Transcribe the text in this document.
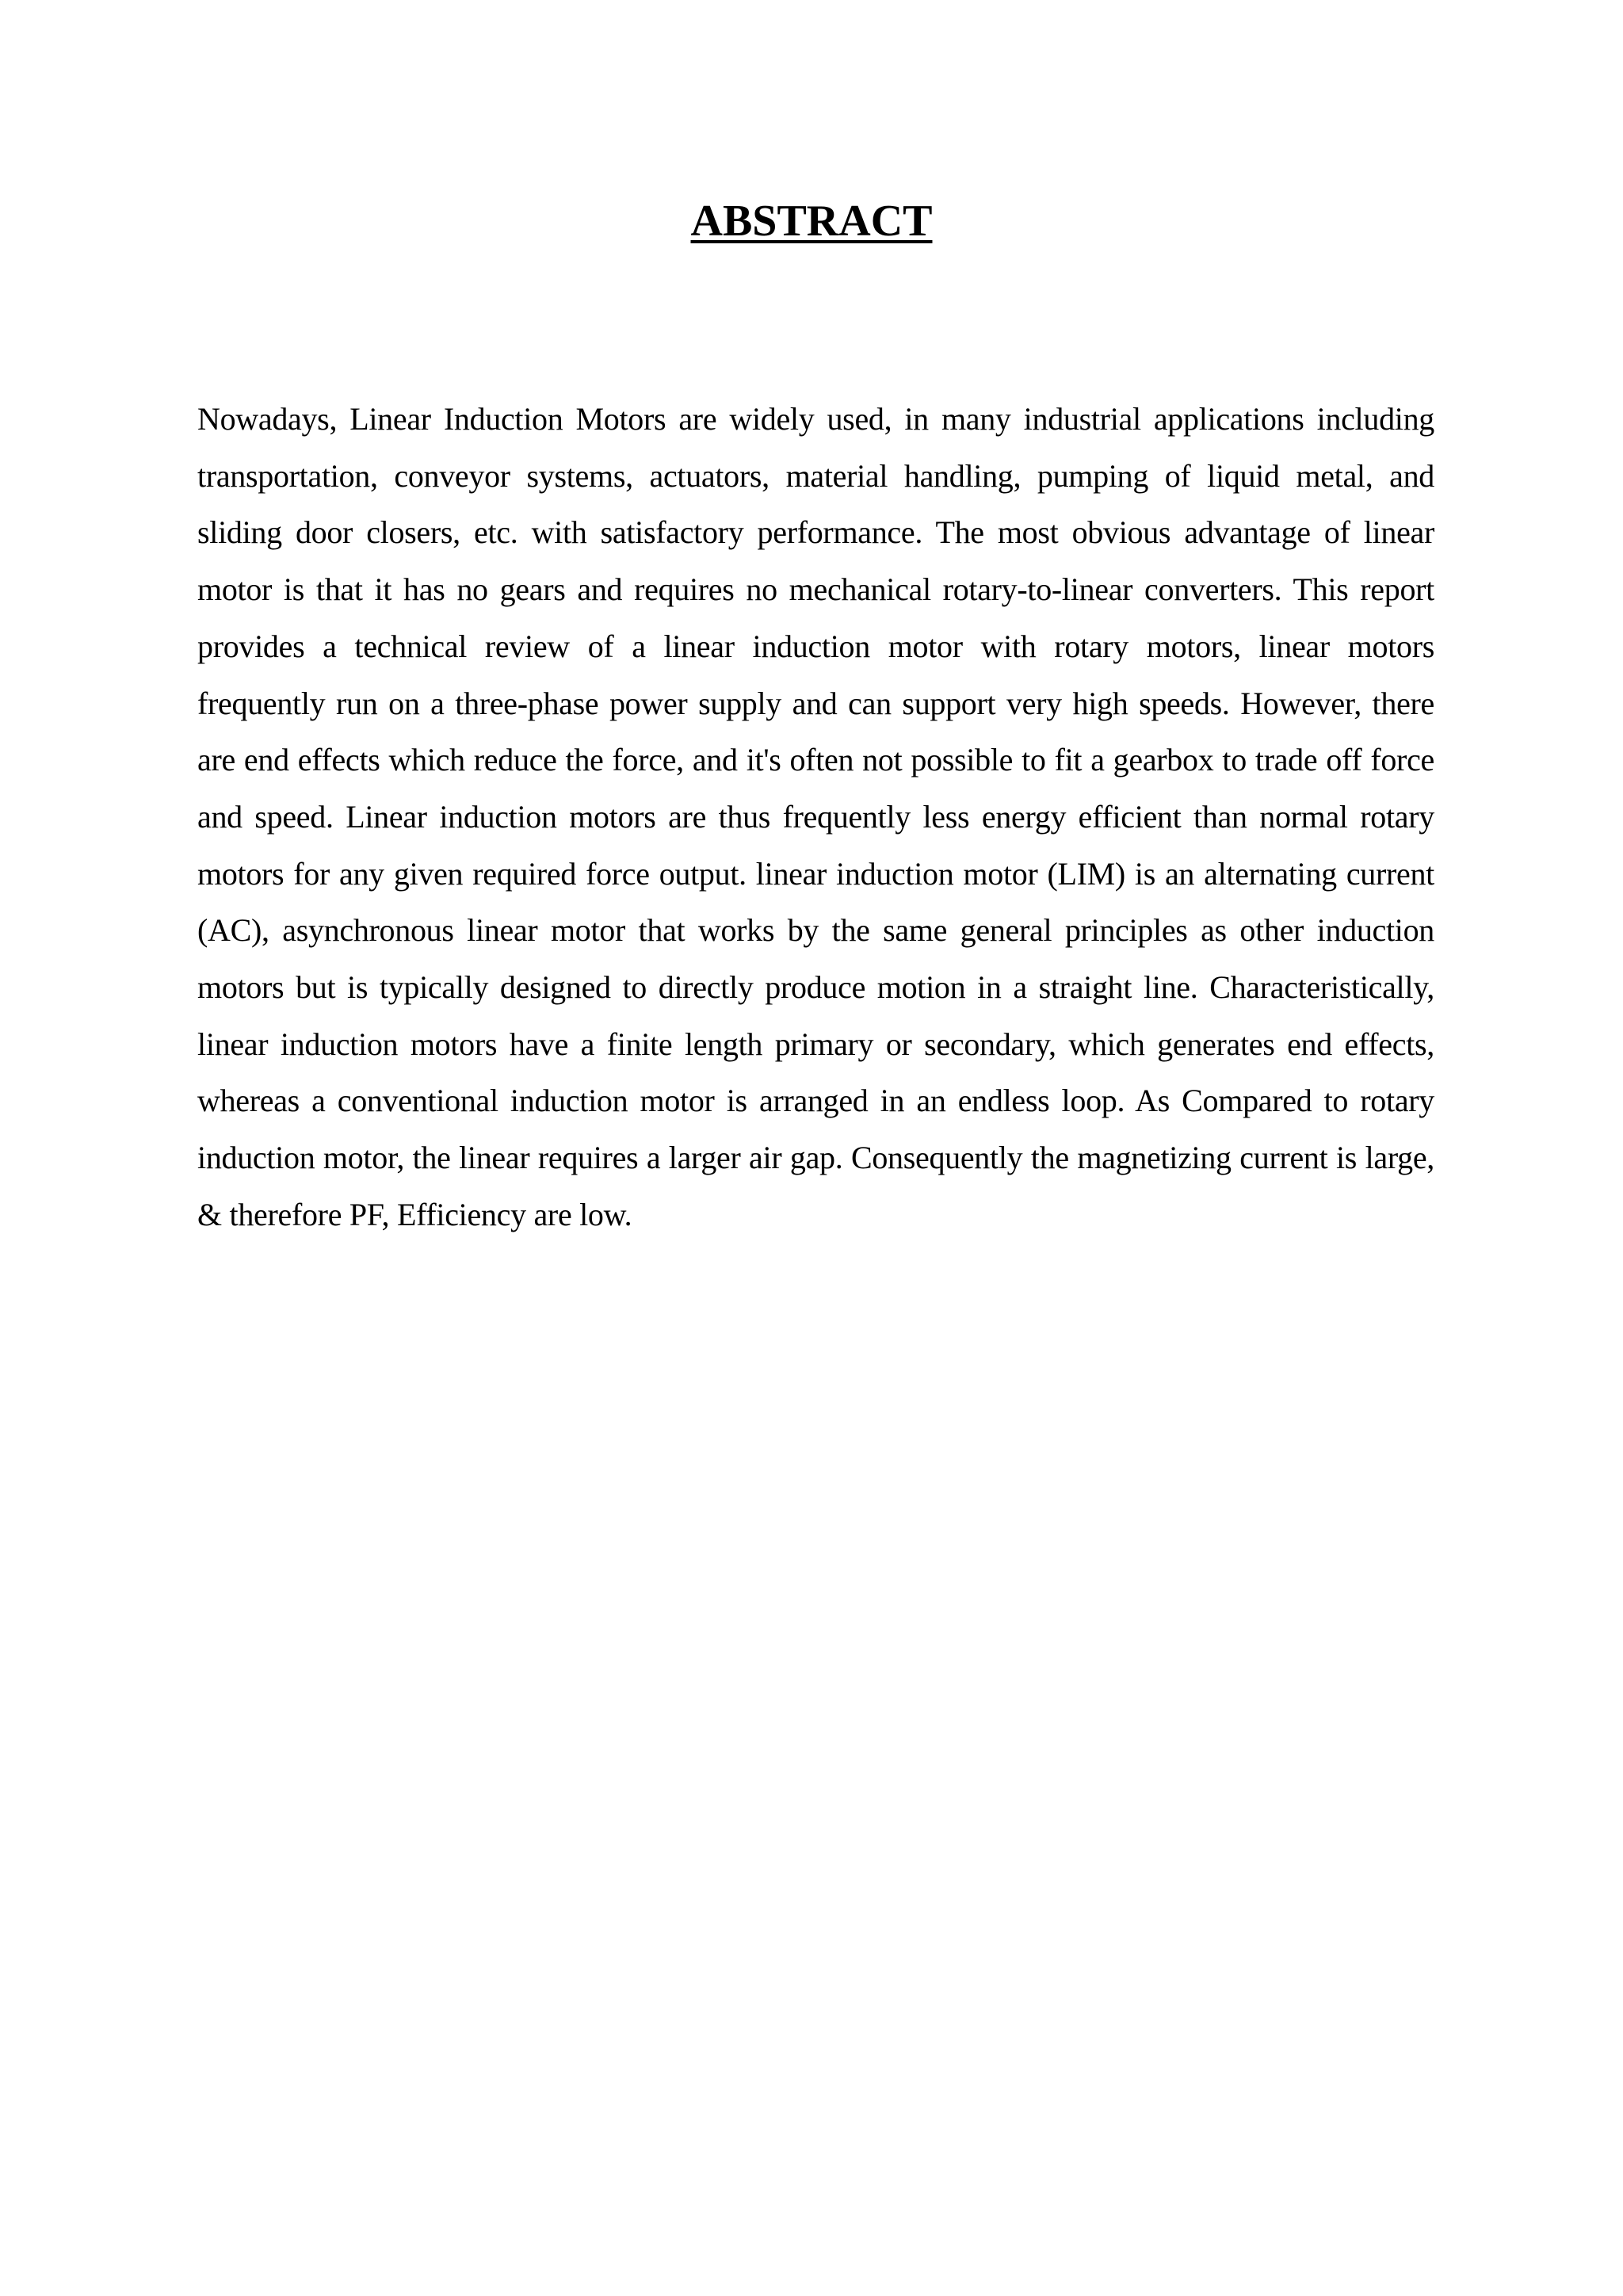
ABSTRACT

Nowadays, Linear Induction Motors are widely used, in many industrial applications including transportation, conveyor systems, actuators, material handling, pumping of liquid metal, and sliding door closers, etc. with satisfactory performance. The most obvious advantage of linear motor is that it has no gears and requires no mechanical rotary-to-linear converters. This report provides a technical review of a linear induction motor with rotary motors, linear motors frequently run on a three-phase power supply and can support very high speeds. However, there are end effects which reduce the force, and it's often not possible to fit a gearbox to trade off force and speed. Linear induction motors are thus frequently less energy efficient than normal rotary motors for any given required force output. linear induction motor (LIM) is an alternating current (AC), asynchronous linear motor that works by the same general principles as other induction motors but is typically designed to directly produce motion in a straight line. Characteristically, linear induction motors have a finite length primary or secondary, which generates end effects, whereas a conventional induction motor is arranged in an endless loop. As Compared to rotary induction motor, the linear requires a larger air gap. Consequently the magnetizing current is large, & therefore PF, Efficiency are low.
